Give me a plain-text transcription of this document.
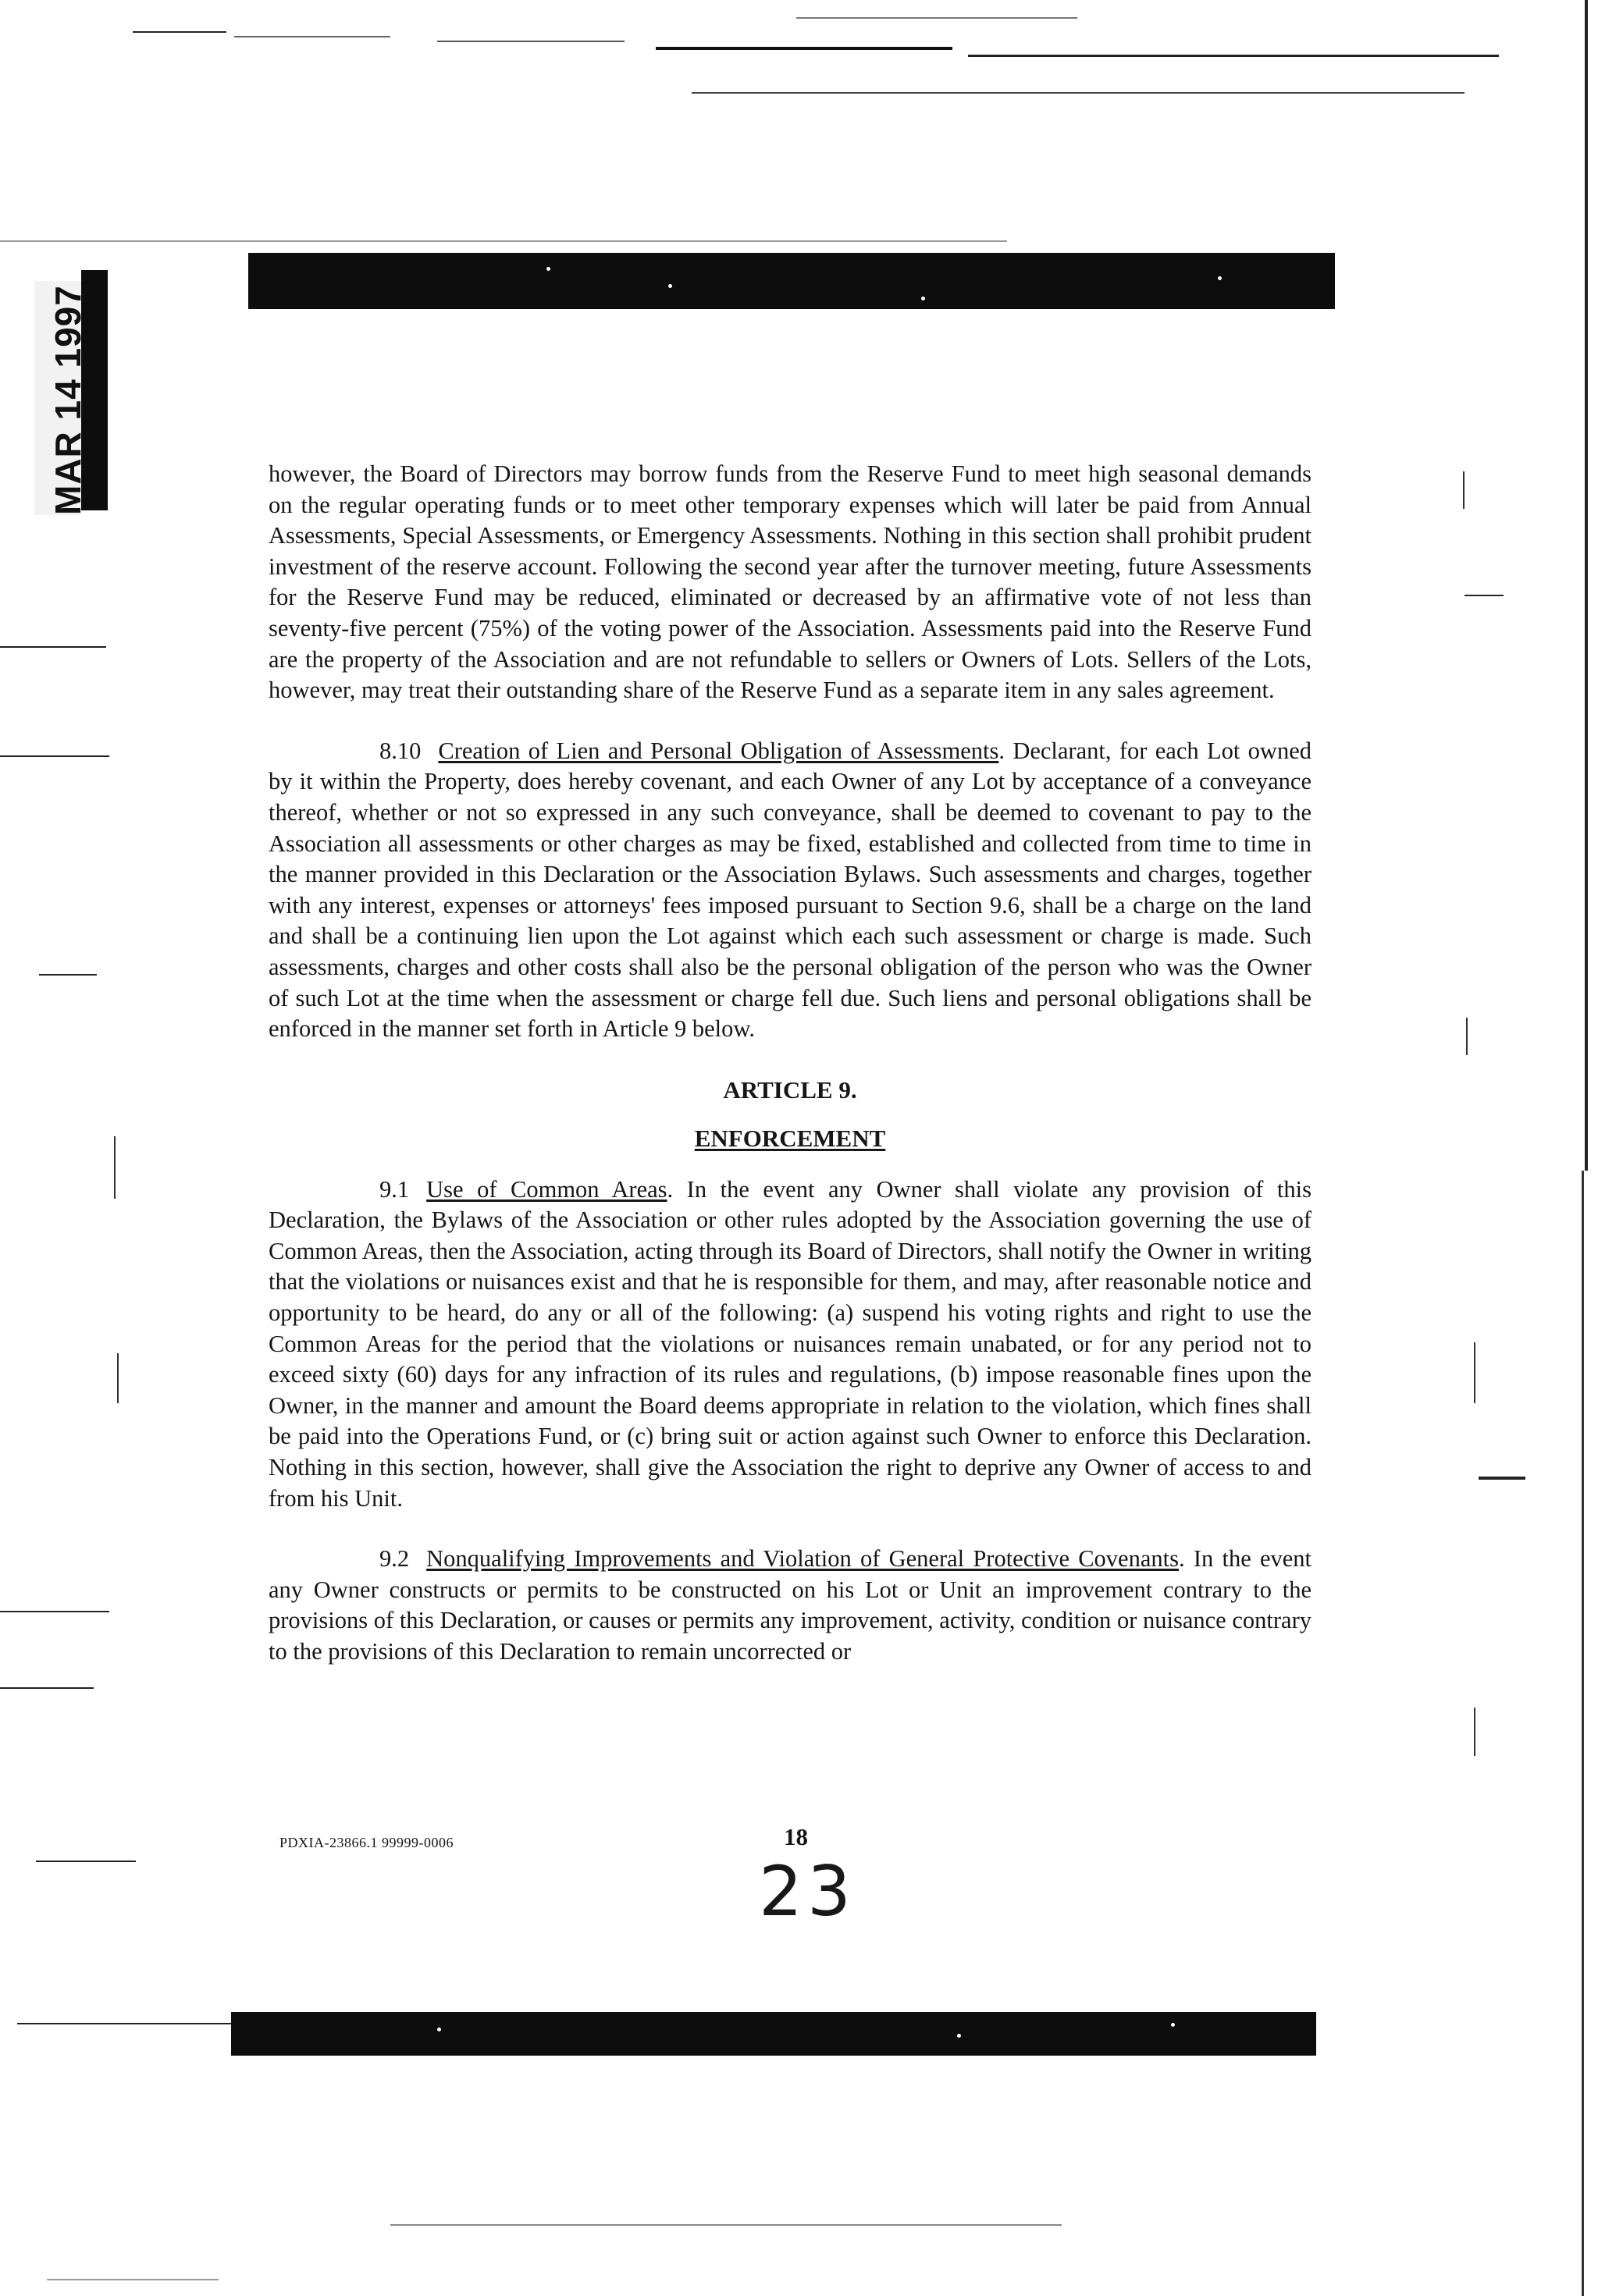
MAR 14 1997	however, the Board of Directors may borrow funds from the Reserve Fund to meet high seasonal demands on the regular operating funds or to meet other temporary expenses which will later be paid from Annual Assessments, Special Assessments, or Emergency Assessments. Nothing in this section shall prohibit prudent investment of the reserve account. Following the second year after the turnover meeting, future Assessments for the Reserve Fund may be reduced, eliminated or decreased by an affirmative vote of not less than seventy-five percent (75%) of the voting power of the Association. Assessments paid into the Reserve Fund are the property of the Association and are not refundable to sellers or Owners of Lots. Sellers of the Lots, however, may treat their outstanding share of the Reserve Fund as a separate item in any sales agreement.

8.10 Creation of Lien and Personal Obligation of Assessments. Declarant, for each Lot owned by it within the Property, does hereby covenant, and each Owner of any Lot by acceptance of a conveyance thereof, whether or not so expressed in any such conveyance, shall be deemed to covenant to pay to the Association all assessments or other charges as may be fixed, established and collected from time to time in the manner provided in this Declaration or the Association Bylaws. Such assessments and charges, together with any interest, expenses or attorneys' fees imposed pursuant to Section 9.6, shall be a charge on the land and shall be a continuing lien upon the Lot against which each such assessment or charge is made. Such assessments, charges and other costs shall also be the personal obligation of the person who was the Owner of such Lot at the time when the assessment or charge fell due. Such liens and personal obligations shall be enforced in the manner set forth in Article 9 below.

ARTICLE 9.

ENFORCEMENT

9.1 Use of Common Areas. In the event any Owner shall violate any provision of this Declaration, the Bylaws of the Association or other rules adopted by the Association governing the use of Common Areas, then the Association, acting through its Board of Directors, shall notify the Owner in writing that the violations or nuisances exist and that he is responsible for them, and may, after reasonable notice and opportunity to be heard, do any or all of the following: (a) suspend his voting rights and right to use the Common Areas for the period that the violations or nuisances remain unabated, or for any period not to exceed sixty (60) days for any infraction of its rules and regulations, (b) impose reasonable fines upon the Owner, in the manner and amount the Board deems appropriate in relation to the violation, which fines shall be paid into the Operations Fund, or (c) bring suit or action against such Owner to enforce this Declaration. Nothing in this section, however, shall give the Association the right to deprive any Owner of access to and from his Unit.

9.2 Nonqualifying Improvements and Violation of General Protective Covenants. In the event any Owner constructs or permits to be constructed on his Lot or Unit an improvement contrary to the provisions of this Declaration, or causes or permits any improvement, activity, condition or nuisance contrary to the provisions of this Declaration to remain uncorrected or

PDXIA-23866.1 99999-0006	18
23
